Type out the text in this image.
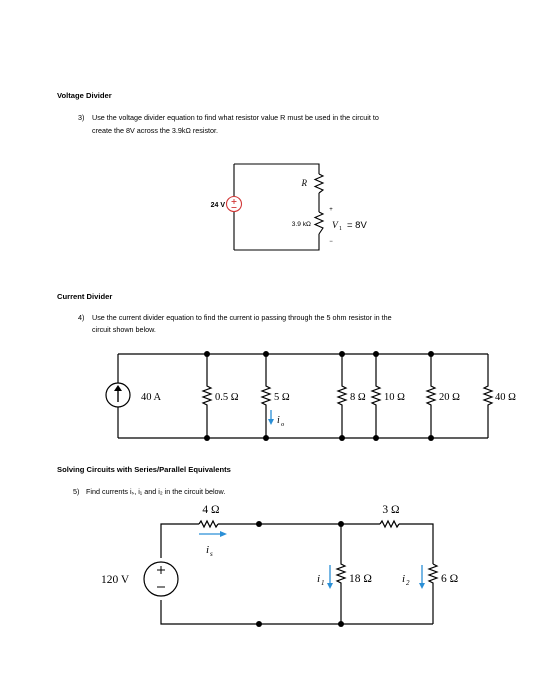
Voltage Divider
3) Use the voltage divider equation to find what resistor value R must be used in the circuit to
create the 8V across the 3.9kΩ resistor.
24 V
R
3.9 kΩ
+
−
V 1 = 8V
40 A	0.5 Ω	5 Ω	8 Ω 10 Ω	20 Ω	40 Ω
i o
4 Ω	3 Ω
120 V
i s
i 1 18 Ω	i 2	6 Ω
Current Divider
4) Use the current divider equation to find the current io passing through the 5 ohm resistor in the
circuit shown below.
Solving Circuits with Series/Parallel Equivalents
5) Find currents iₛ, i₁ and i₂ in the circuit below.
